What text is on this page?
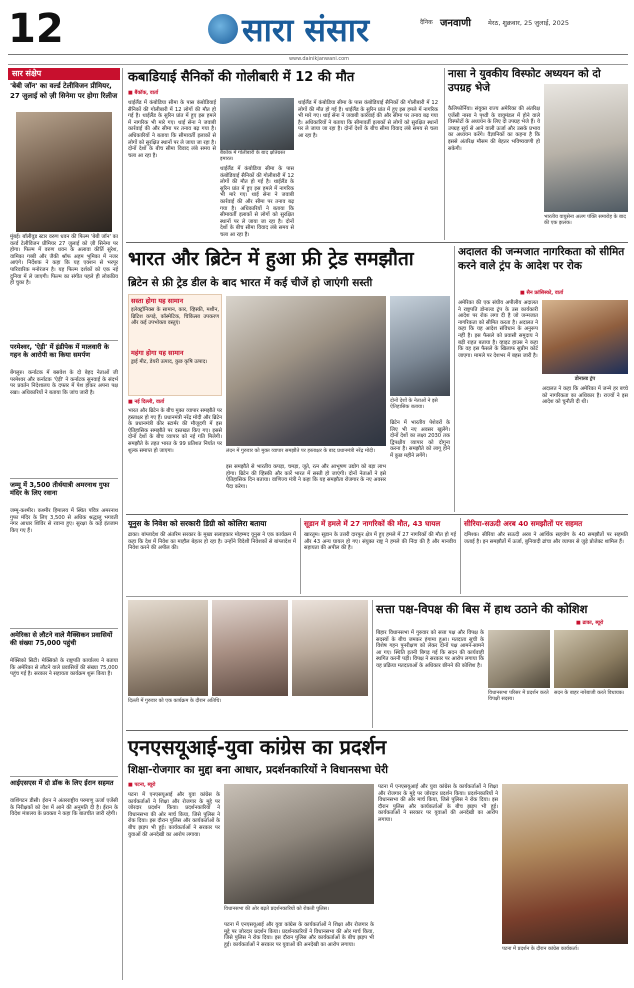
12	सारा संसार	दैनिक जनवाणी	मेरठ, शुक्रवार, 25 जुलाई, 2025
www.dainikjanwani.com
सार संक्षेप
'बेबी जॉन' का वर्ल्ड टेलीविजन प्रीमियर, 27 जुलाई को ज़ी सिनेमा पर होगा रिलीज
मुंबई। बॉलीवुड स्टार वरुण धवन की फिल्म 'बेबी जॉन' का वर्ल्ड टेलीविजन प्रीमियर 27 जुलाई को ज़ी सिनेमा पर होगा। फिल्म में वरुण धवन के अलावा कीर्ति सुरेश, वामिका गब्बी और जैकी श्रॉफ अहम भूमिका में नजर आएंगे। निर्देशक ने कहा कि यह एक्शन से भरपूर पारिवारिक मनोरंजन है। यह फिल्म दर्शकों को एक नई दुनिया में ले जाएगी। फिल्म का संगीत पहले ही लोकप्रिय हो चुका है।
परमेश्वर, 'ऐड़ी' में इंडीपेक में मालवारी के गहन के आरोपी का किया समर्पण
बेंगलुरु। कर्नाटक में बसवेश के दो बेहद नेताओं जी परमेश्वर और कर्नाटक 'ऐड़ी' ने कर्नाटक सुनवाई के संदर्भ पर प्रवर्तन निदेशालय के दफ्तर में पेश होकर अपना पक्ष रखा। अधिकारियों ने बताया कि जांच जारी है।
जम्मू में 3,500 तीर्थयात्री अमरनाथ गुफा मंदिर के लिए रवाना
जम्मू-कश्मीर। कश्मीर हिमालय में स्थित पवित्र अमरनाथ गुफा मंदिर के लिए 3,500 से अधिक श्रद्धालु भगवती नगर आधार शिविर से रवाना हुए। सुरक्षा के कड़े इंतजाम किए गए हैं।
अमेरिका से लौटने वाले मैक्सिकन प्रवासियों की संख्या 75,000 पहुंची
मेक्सिको सिटी। मेक्सिको के राष्ट्रपति कार्यालय ने बताया कि अमेरिका से लौटने वाले प्रवासियों की संख्या 75,000 पहुंच गई है। सरकार ने सहायता कार्यक्रम शुरू किया है।
आईएसएस में दो डॉक के लिए ईरान सहमत
वाशिंगटन डीसी। ईरान ने अंतरराष्ट्रीय परमाणु ऊर्जा एजेंसी के निरीक्षकों को देश में आने की अनुमति दी है। ईरान के विदेश मंत्रालय के प्रवक्ता ने कहा कि बातचीत जारी रहेगी।
कबाडियाई सैनिकों की गोलीबारी में 12 की मौत
■ बैंकॉक, वार्ता
थाईलैंड में कंबोडिया सीमा के पास कंबोडियाई सैनिकों की गोलीबारी में 12 लोगों की मौत हो गई है। थाईलैंड के सुरिन प्रांत में हुए इस हमले में नागरिक भी मारे गए। थाई सेना ने जवाबी कार्रवाई की और सीमा पर तनाव बढ़ गया है। अधिकारियों ने बताया कि सीमावर्ती इलाकों से लोगों को सुरक्षित स्थानों पर ले जाया जा रहा है। दोनों देशों के बीच सीमा विवाद लंबे समय से चला आ रहा है।	बैंकॉक में गोलीबारी के बाद क्षतिग्रस्त इमारत।
थाईलैंड में कंबोडिया सीमा के पास कंबोडियाई सैनिकों की गोलीबारी में 12 लोगों की मौत हो गई है। थाईलैंड के सुरिन प्रांत में हुए इस हमले में नागरिक भी मारे गए। थाई सेना ने जवाबी कार्रवाई की और सीमा पर तनाव बढ़ गया है। अधिकारियों ने बताया कि सीमावर्ती इलाकों से लोगों को सुरक्षित स्थानों पर ले जाया जा रहा है। दोनों देशों के बीच सीमा विवाद लंबे समय से चला आ रहा है।
थाईलैंड में कंबोडिया सीमा के पास कंबोडियाई सैनिकों की गोलीबारी में 12 लोगों की मौत हो गई है। थाईलैंड के सुरिन प्रांत में हुए इस हमले में नागरिक भी मारे गए। थाई सेना ने जवाबी कार्रवाई की और सीमा पर तनाव बढ़ गया है। अधिकारियों ने बताया कि सीमावर्ती इलाकों से लोगों को सुरक्षित स्थानों पर ले जाया जा रहा है। दोनों देशों के बीच सीमा विवाद लंबे समय से चला आ रहा है।
नासा ने युवकीय विस्फोट अध्ययन को दो उपग्रह भेजे
कैलिफोर्निया। संयुक्त राज्य अमेरिका की अंतरिक्ष एजेंसी नासा ने पृथ्वी के वायुमंडल में होने वाले विस्फोटों के अध्ययन के लिए दो उपग्रह भेजे हैं। ये उपग्रह सूर्य से आने वाली ऊर्जा और उसके प्रभाव का अध्ययन करेंगे। वैज्ञानिकों का कहना है कि इससे अंतरिक्ष मौसम की बेहतर भविष्यवाणी हो सकेगी।
भारतीय वायुसेना अलग पंक्ति समारोह के बाद की एक झलक।
भारत और ब्रिटेन में हुआ फ्री ट्रेड समझौता
ब्रिटेन से फ्री ट्रेड डील के बाद भारत में कई चीजें हो जाएंगी सस्ती
सस्ता होगा यह सामान
इलेक्ट्रॉनिक्स के सामान, कार, व्हिस्की, मशीन, ब्रिटिश कपड़े, कॉस्मेटिक, चिकित्सा उपकरण और कई उपभोक्ता वस्तुएं।
महंगा होगा यह सामान
ड्राई मीट, डेयरी उत्पाद, कुछ कृषि उत्पाद।
■ नई दिल्ली, वार्ता
भारत और ब्रिटेन के बीच मुक्त व्यापार समझौते पर हस्ताक्षर हो गए हैं। प्रधानमंत्री नरेंद्र मोदी और ब्रिटेन के प्रधानमंत्री कीर स्टार्मर की मौजूदगी में इस ऐतिहासिक समझौते पर दस्तखत किए गए। इससे दोनों देशों के बीच व्यापार को नई गति मिलेगी। समझौते के तहत भारत के 99 प्रतिशत निर्यात पर शुल्क समाप्त हो जाएगा।	लंदन में गुरुवार को मुक्त व्यापार समझौते पर हस्ताक्षर के बाद प्रधानमंत्री नरेंद्र मोदी।
दोनों देशों के नेताओं ने इसे ऐतिहासिक बताया।
इस समझौते से भारतीय कपड़ा, चमड़ा, जूते, रत्न और आभूषण उद्योग को बड़ा लाभ होगा। ब्रिटेन की व्हिस्की और कारें भारत में सस्ती हो जाएंगी। दोनों नेताओं ने इसे ऐतिहासिक दिन बताया। वाणिज्य मंत्री ने कहा कि यह समझौता रोजगार के नए अवसर पैदा करेगा।
ब्रिटेन में भारतीय पेशेवरों के लिए भी नए अवसर खुलेंगे। दोनों देशों का लक्ष्य 2030 तक द्विपक्षीय व्यापार को दोगुना करना है। समझौते को लागू होने में कुछ महीने लगेंगे।
अदालत की जन्मजात नागरिकता को सीमित करने वाले ट्रंप के आदेश पर रोक
■ सैन फ्रांसिस्को, वार्ता
अमेरिका की एक संघीय अपीलीय अदालत ने राष्ट्रपति डोनाल्ड ट्रंप के उस कार्यकारी आदेश पर रोक लगा दी है जो जन्मजात नागरिकता को सीमित करता है। अदालत ने कहा कि यह आदेश संविधान के अनुरूप नहीं है। इस फैसले को प्रवासी समुदाय ने बड़ी राहत बताया है। व्हाइट हाउस ने कहा कि वह इस फैसले के खिलाफ सुप्रीम कोर्ट जाएगा। मामले पर देशभर में बहस जारी है।
डोनाल्ड ट्रंप
अदालत ने कहा कि अमेरिका में जन्मे हर बच्चे को नागरिकता का अधिकार है। राज्यों ने इस आदेश को चुनौती दी थी।
यूनुस के निवेश को सरकारी डिग्री को कोलिरा बताया
ढाका। बांग्लादेश की अंतरिम सरकार के मुख्य सलाहकार मोहम्मद यूनुस ने एक कार्यक्रम में कहा कि देश में निवेश का माहौल बेहतर हो रहा है। उन्होंने विदेशी निवेशकों से बांग्लादेश में निवेश करने की अपील की।
सूडान में हमले में 27 नागरिकों की मौत, 43 घायल
खारतूम। सूडान के उत्तरी दारफुर क्षेत्र में हुए हमले में 27 नागरिकों की मौत हो गई और 43 अन्य घायल हो गए। संयुक्त राष्ट्र ने हमले की निंदा की है और मानवीय सहायता की अपील की है।
सीरिया-सऊदी अरब 40 समझौतों पर सहमत
दमिश्क। सीरिया और सऊदी अरब ने आर्थिक सहयोग के 40 समझौतों पर सहमति जताई है। इन समझौतों में ऊर्जा, बुनियादी ढांचा और व्यापार से जुड़े प्रोजेक्ट शामिल हैं।
दिल्ली में गुरुवार को एक कार्यक्रम के दौरान अतिथि।
सत्ता पक्ष-विपक्ष की बिस में हाथ उठाने की कोशिश
■ ढाका, ब्यूरो
बिहार विधानसभा में गुरुवार को सत्ता पक्ष और विपक्ष के सदस्यों के बीच जमकर हंगामा हुआ। मतदाता सूची के विशेष गहन पुनरीक्षण को लेकर दोनों पक्ष आमने-सामने आ गए। स्थिति इतनी बिगड़ गई कि सदन की कार्यवाही स्थगित करनी पड़ी। विपक्ष ने सरकार पर आरोप लगाया कि यह प्रक्रिया मतदाताओं के अधिकार छीनने की कोशिश है।
विधानसभा परिसर में प्रदर्शन करते विपक्षी सदस्य।
सदन के बाहर नारेबाजी करते विधायक।
एनएसयूआई-युवा कांग्रेस का प्रदर्शन
शिक्षा-रोजगार का मुद्दा बना आधार, प्रदर्शनकारियों ने विधानसभा घेरी
■ पटना, ब्यूरो
पटना में एनएसयूआई और युवा कांग्रेस के कार्यकर्ताओं ने शिक्षा और रोजगार के मुद्दे पर जोरदार प्रदर्शन किया। प्रदर्शनकारियों ने विधानसभा की ओर मार्च किया, जिसे पुलिस ने रोक दिया। इस दौरान पुलिस और कार्यकर्ताओं के बीच झड़प भी हुई। कार्यकर्ताओं ने सरकार पर युवाओं की अनदेखी का आरोप लगाया।
विधानसभा की ओर बढ़ते प्रदर्शनकारियों को रोकती पुलिस।
पटना में एनएसयूआई और युवा कांग्रेस के कार्यकर्ताओं ने शिक्षा और रोजगार के मुद्दे पर जोरदार प्रदर्शन किया। प्रदर्शनकारियों ने विधानसभा की ओर मार्च किया, जिसे पुलिस ने रोक दिया। इस दौरान पुलिस और कार्यकर्ताओं के बीच झड़प भी हुई। कार्यकर्ताओं ने सरकार पर युवाओं की अनदेखी का आरोप लगाया।
पटना में एनएसयूआई और युवा कांग्रेस के कार्यकर्ताओं ने शिक्षा और रोजगार के मुद्दे पर जोरदार प्रदर्शन किया। प्रदर्शनकारियों ने विधानसभा की ओर मार्च किया, जिसे पुलिस ने रोक दिया। इस दौरान पुलिस और कार्यकर्ताओं के बीच झड़प भी हुई। कार्यकर्ताओं ने सरकार पर युवाओं की अनदेखी का आरोप लगाया।
पटना में प्रदर्शन के दौरान कांग्रेस कार्यकर्ता।
